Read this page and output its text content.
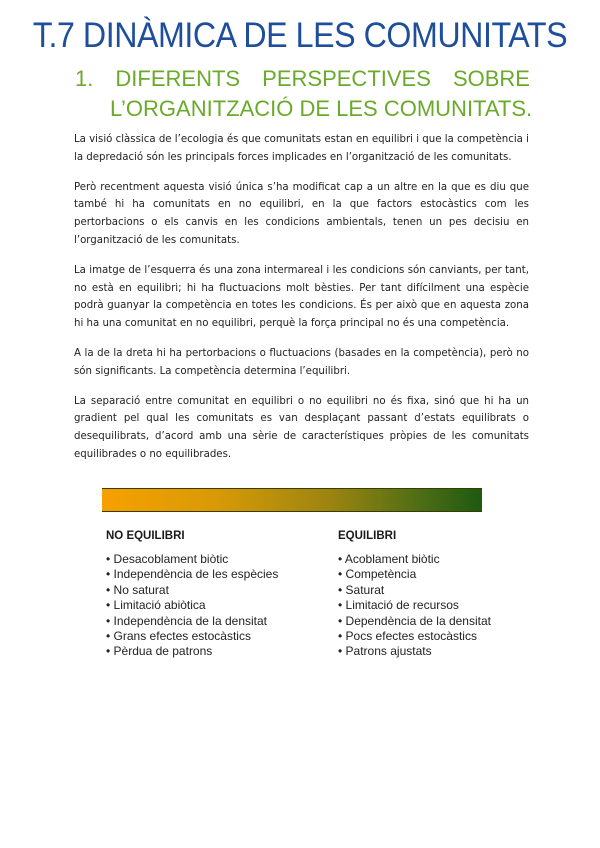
T.7 DINÀMICA DE LES COMUNITATS
1. DIFERENTS PERSPECTIVES SOBRE
L’ORGANITZACIÓ DE LES COMUNITATS.

La visió clàssica de l’ecologia és que comunitats estan en equilibri i que la competència i la depredació són les principals forces implicades en l’organització de les comunitats.

Però recentment aquesta visió única s’ha modificat cap a un altre en la que es diu que també hi ha comunitats en no equilibri, en la que factors estocàstics com les pertorbacions o els canvis en les condicions ambientals, tenen un pes decisiu en l’organització de les comunitats.

La imatge de l’esquerra és una zona intermareal i les condicions són canviants, per tant, no està en equilibri; hi ha fluctuacions molt bèsties. Per tant difícilment una espècie podrà guanyar la competència en totes les condicions. És per això que en aquesta zona hi ha una comunitat en no equilibri, perquè la força principal no és una competència.

A la de la dreta hi ha pertorbacions o fluctuacions (basades en la competència), però no són significants. La competència determina l’equilibri.

La separació entre comunitat en equilibri o no equilibri no és fixa, sinó que hi ha un gradient pel qual les comunitats es van desplaçant passant d’estats equilibrats o desequilibrats, d’acord amb una sèrie de característiques pròpies de les comunitats equilibrades o no equilibrades.

NO EQUILIBRI
• Desacoblament biòtic
• Independència de les espècies
• No saturat
• Limitació abiòtica
• Independència de la densitat
• Grans efectes estocàstics
• Pèrdua de patrons
EQUILIBRI
• Acoblament biòtic
• Competència
• Saturat
• Limitació de recursos
• Dependència de la densitat
• Pocs efectes estocàstics
• Patrons ajustats
